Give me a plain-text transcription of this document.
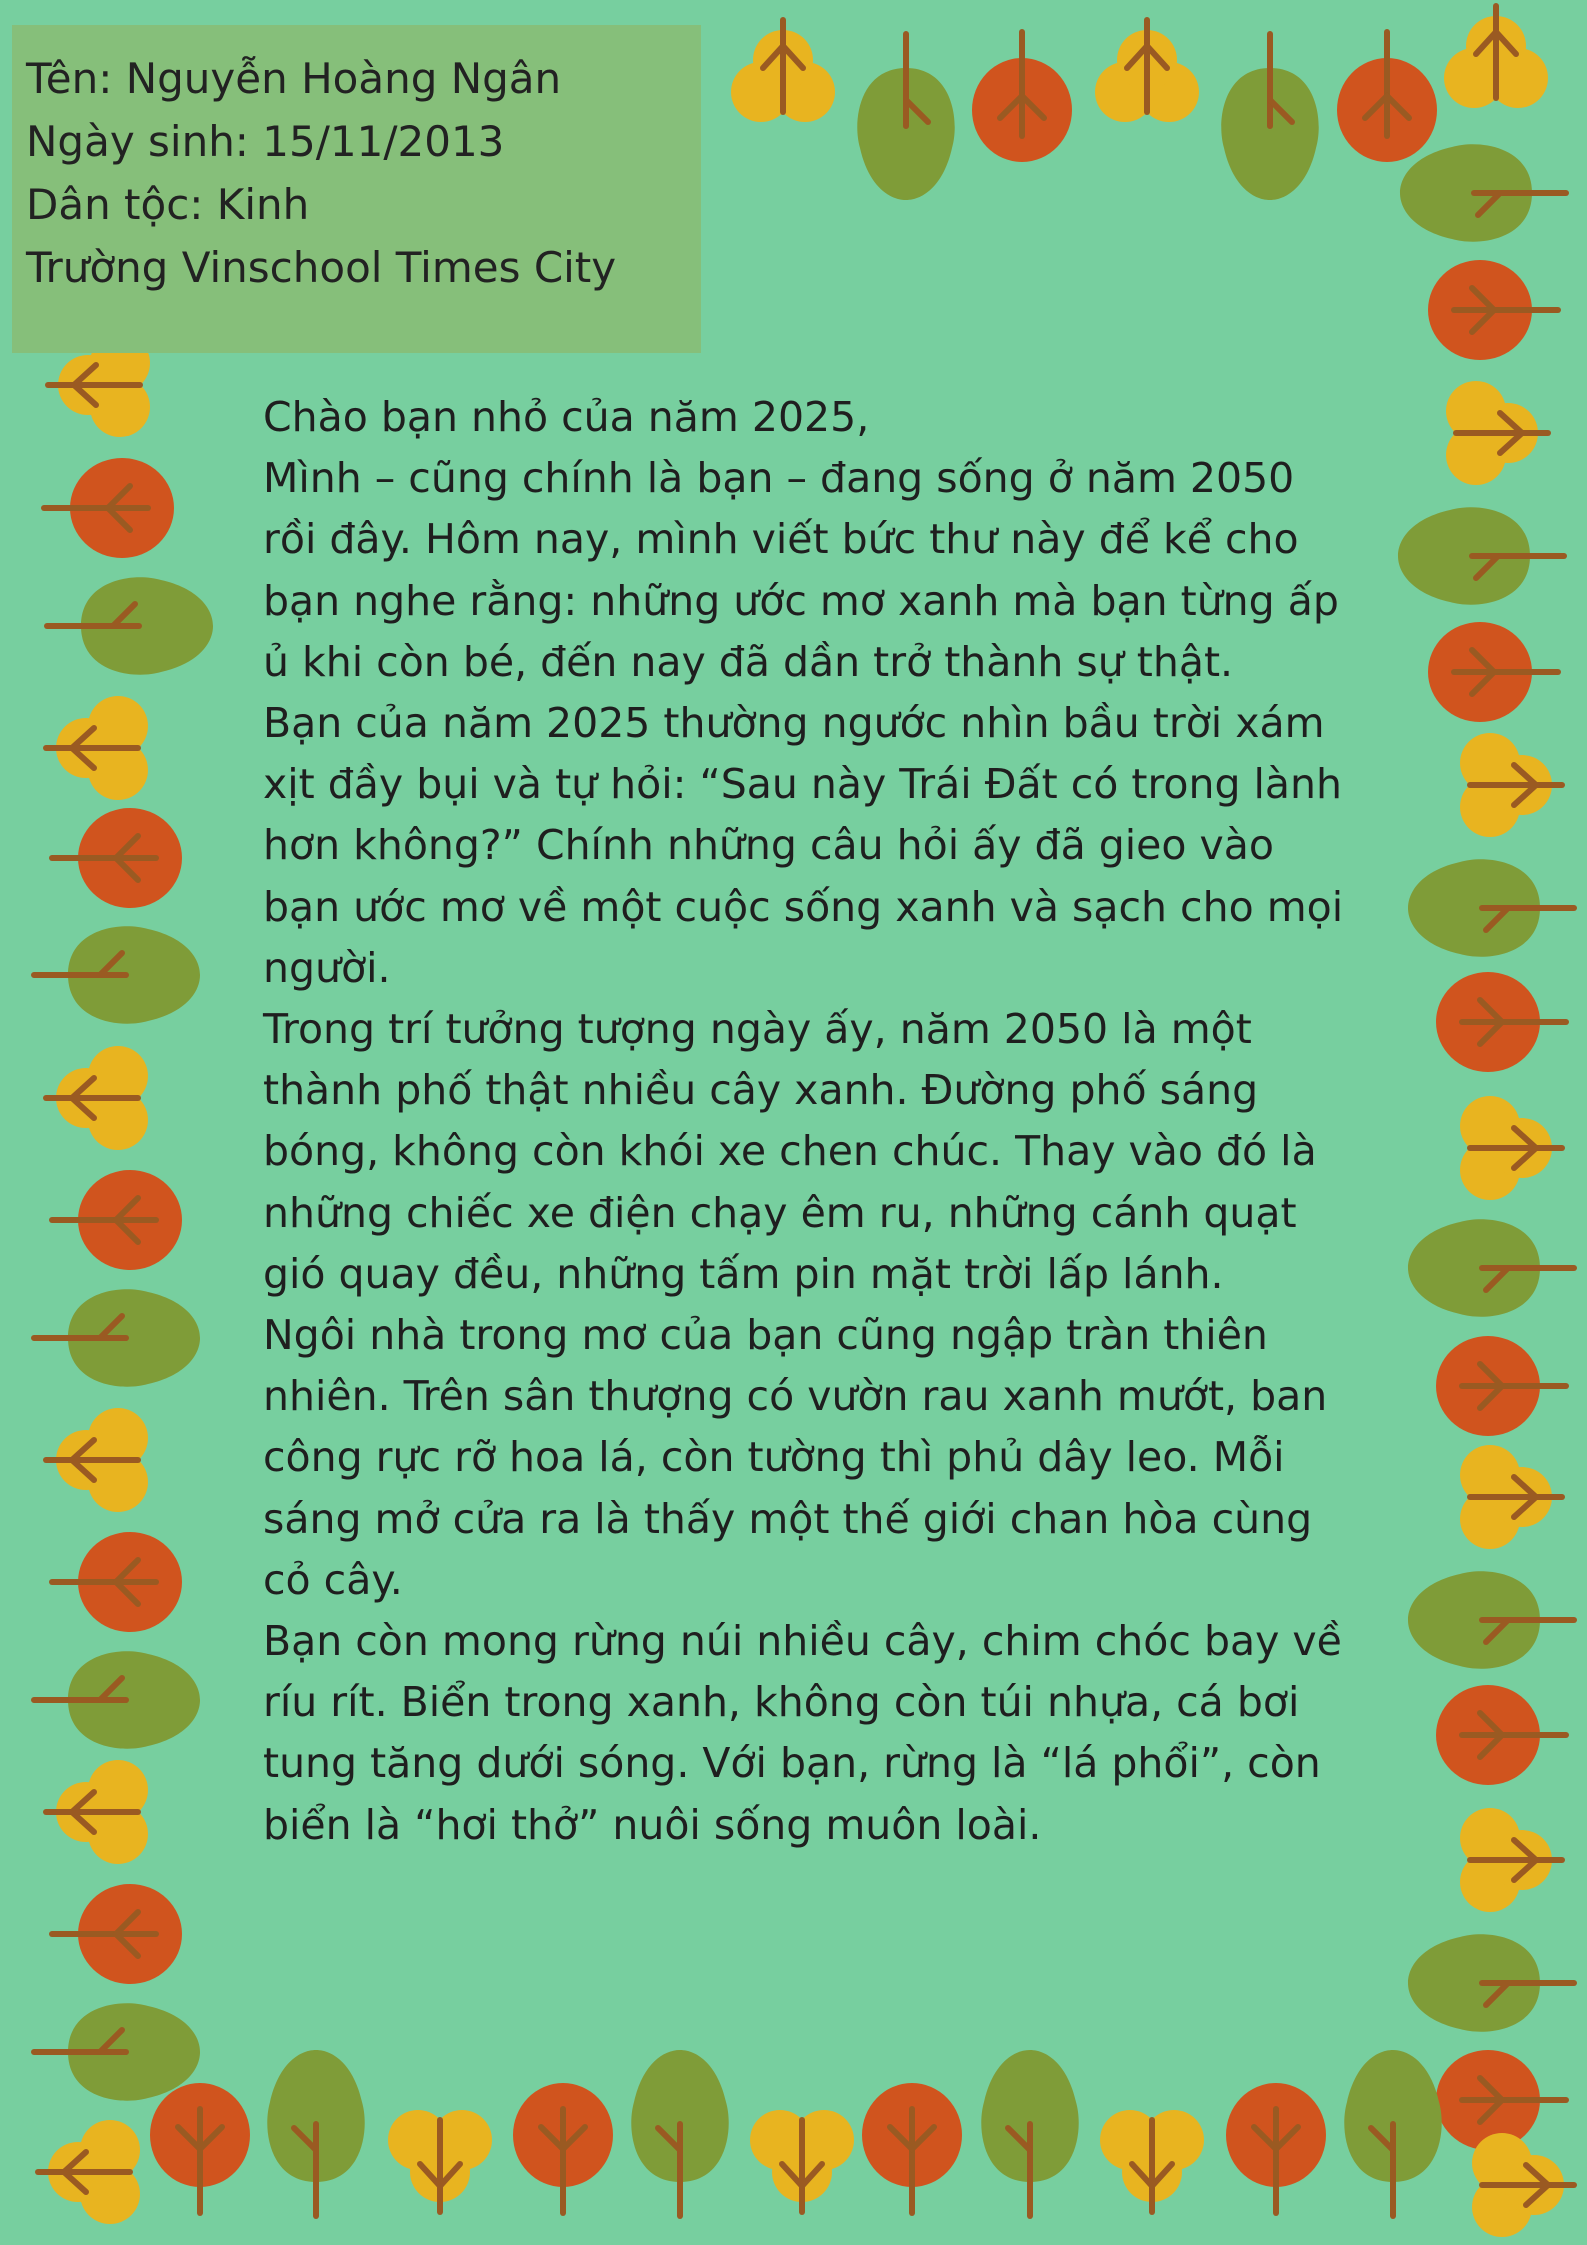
Tên: Nguyễn Hoàng Ngân

Ngày sinh: 15/11/2013

Dân tộc: Kinh

Trường Vinschool Times City

Chào bạn nhỏ của năm 2025,

Mình – cũng chính là bạn – đang sống ở năm 2050 rồi đây. Hôm nay, mình viết bức thư này để kể cho bạn nghe rằng: những ước mơ xanh mà bạn từng ấp ủ khi còn bé, đến nay đã dần trở thành sự thật.

Bạn của năm 2025 thường ngước nhìn bầu trời xám xịt đầy bụi và tự hỏi: “Sau này Trái Đất có trong lành hơn không?” Chính những câu hỏi ấy đã gieo vào bạn ước mơ về một cuộc sống xanh và sạch cho mọi người.

Trong trí tưởng tượng ngày ấy, năm 2050 là một thành phố thật nhiều cây xanh. Đường phố sáng bóng, không còn khói xe chen chúc. Thay vào đó là những chiếc xe điện chạy êm ru, những cánh quạt gió quay đều, những tấm pin mặt trời lấp lánh.

Ngôi nhà trong mơ của bạn cũng ngập tràn thiên nhiên. Trên sân thượng có vườn rau xanh mướt, ban công rực rỡ hoa lá, còn tường thì phủ dây leo. Mỗi sáng mở cửa ra là thấy một thế giới chan hòa cùng cỏ cây.

Bạn còn mong rừng núi nhiều cây, chim chóc bay về ríu rít. Biển trong xanh, không còn túi nhựa, cá bơi tung tăng dưới sóng. Với bạn, rừng là “lá phổi”, còn biển là “hơi thở” nuôi sống muôn loài.
